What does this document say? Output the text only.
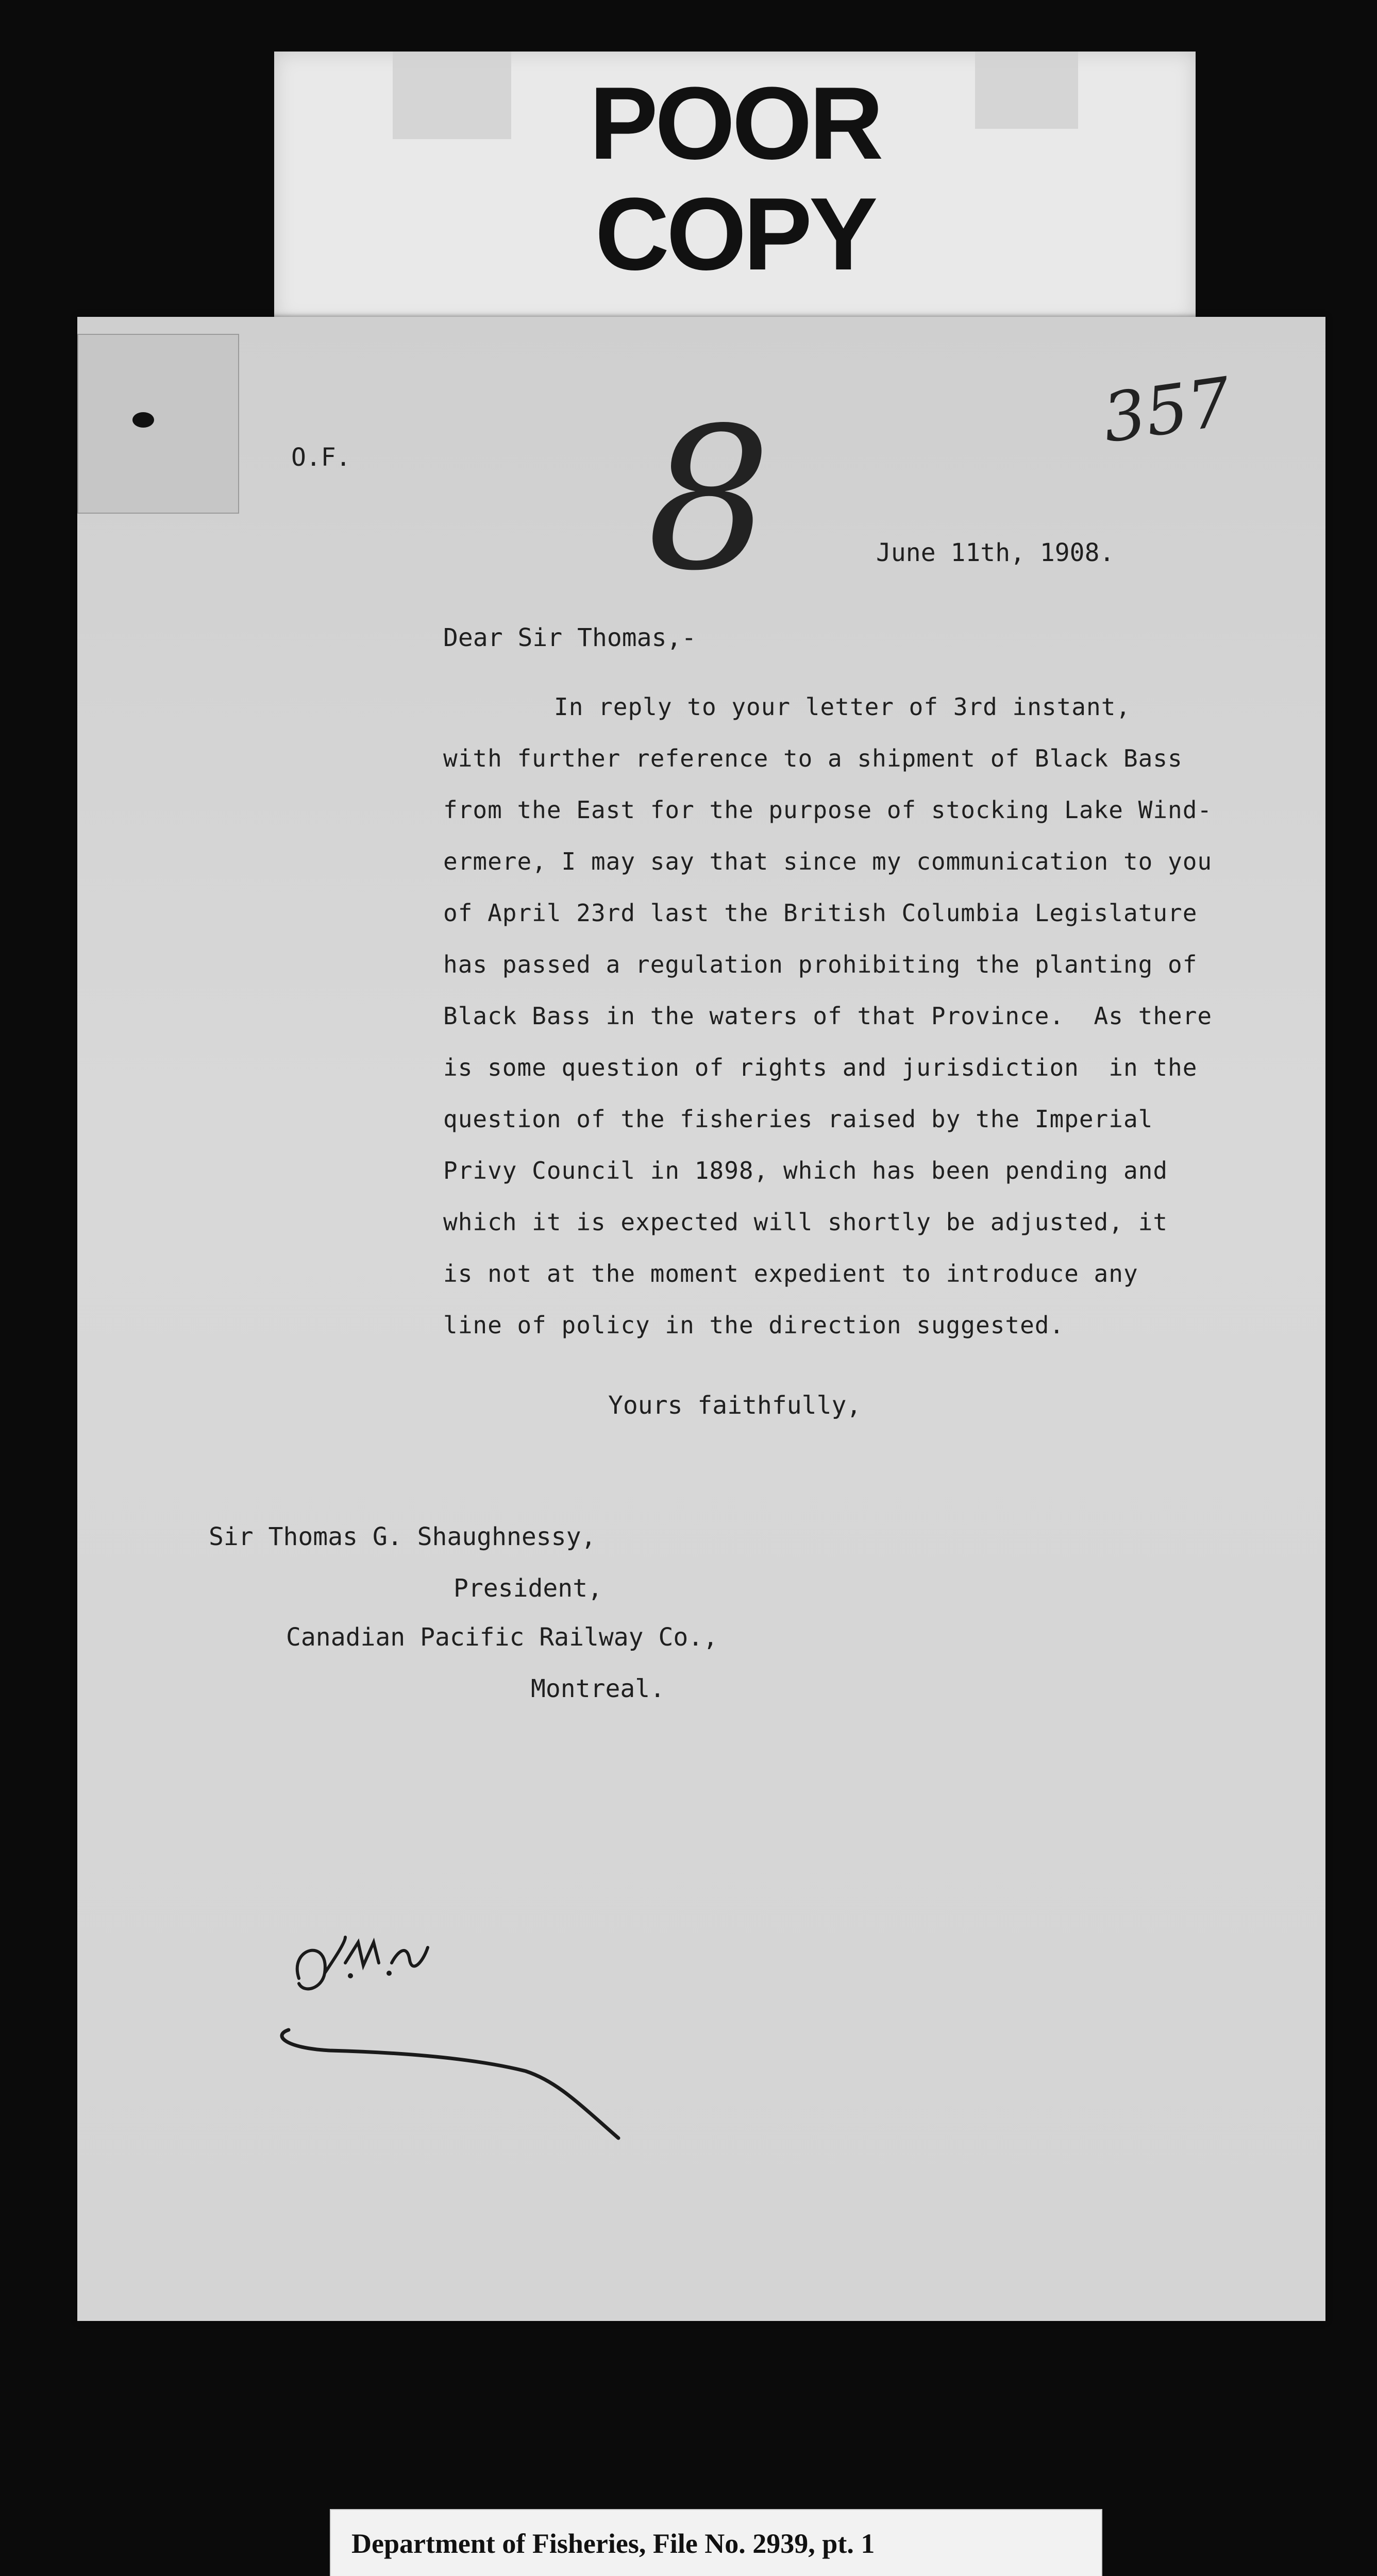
POOR
COPY
357
O.F. 8	June 11th, 1908.
Dear Sir Thomas,-
In reply to your letter of 3rd instant,
with further reference to a shipment of Black Bass
from the East for the purpose of stocking Lake Wind-
ermere, I may say that since my communication to you
of April 23rd last the British Columbia Legislature
has passed a regulation prohibiting the planting of
Black Bass in the waters of that Province.  As there
is some question of rights and jurisdiction  in the
question of the fisheries raised by the Imperial
Privy Council in 1898, which has been pending and
which it is expected will shortly be adjusted, it
is not at the moment expedient to introduce any
line of policy in the direction suggested.
Yours faithfully,
Sir Thomas G. Shaughnessy,
President,
Canadian Pacific Railway Co.,
Montreal.
Department of Fisheries, File No. 2939, pt. 1
